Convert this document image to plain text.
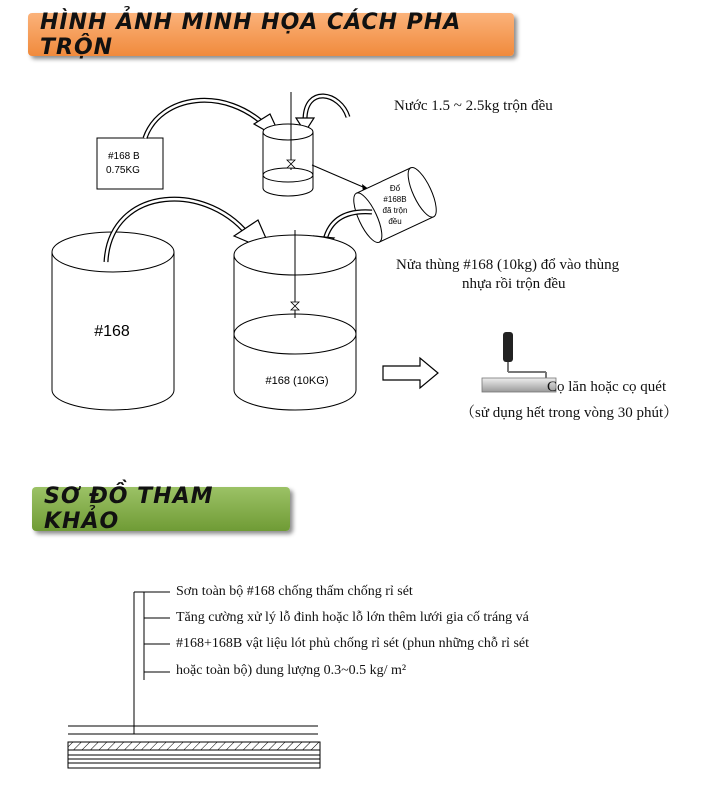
HÌNH ẢNH MINH HỌA CÁCH PHA TRỘN
SƠ ĐỒ THAM KHẢO
#168 B
0.75KG
Đổ
#168B
đã trộn
đều
#168
#168 (10KG)
Nước 1.5 ~ 2.5kg trộn đều
Nửa thùng #168 (10kg) đổ vào thùng
nhựa rồi trộn đều
Cọ lăn hoặc cọ quét
（sử dụng hết trong vòng 30 phút）
Sơn toàn bộ #168 chống thấm chống rỉ sét
Tăng cường xử lý lỗ đinh hoặc lỗ lớn thêm lưới gia cố tráng vá
#168+168B vật liệu lót phủ chống rỉ sét (phun những chỗ rỉ sét
hoặc toàn bộ) dung lượng 0.3~0.5 kg/ m²
